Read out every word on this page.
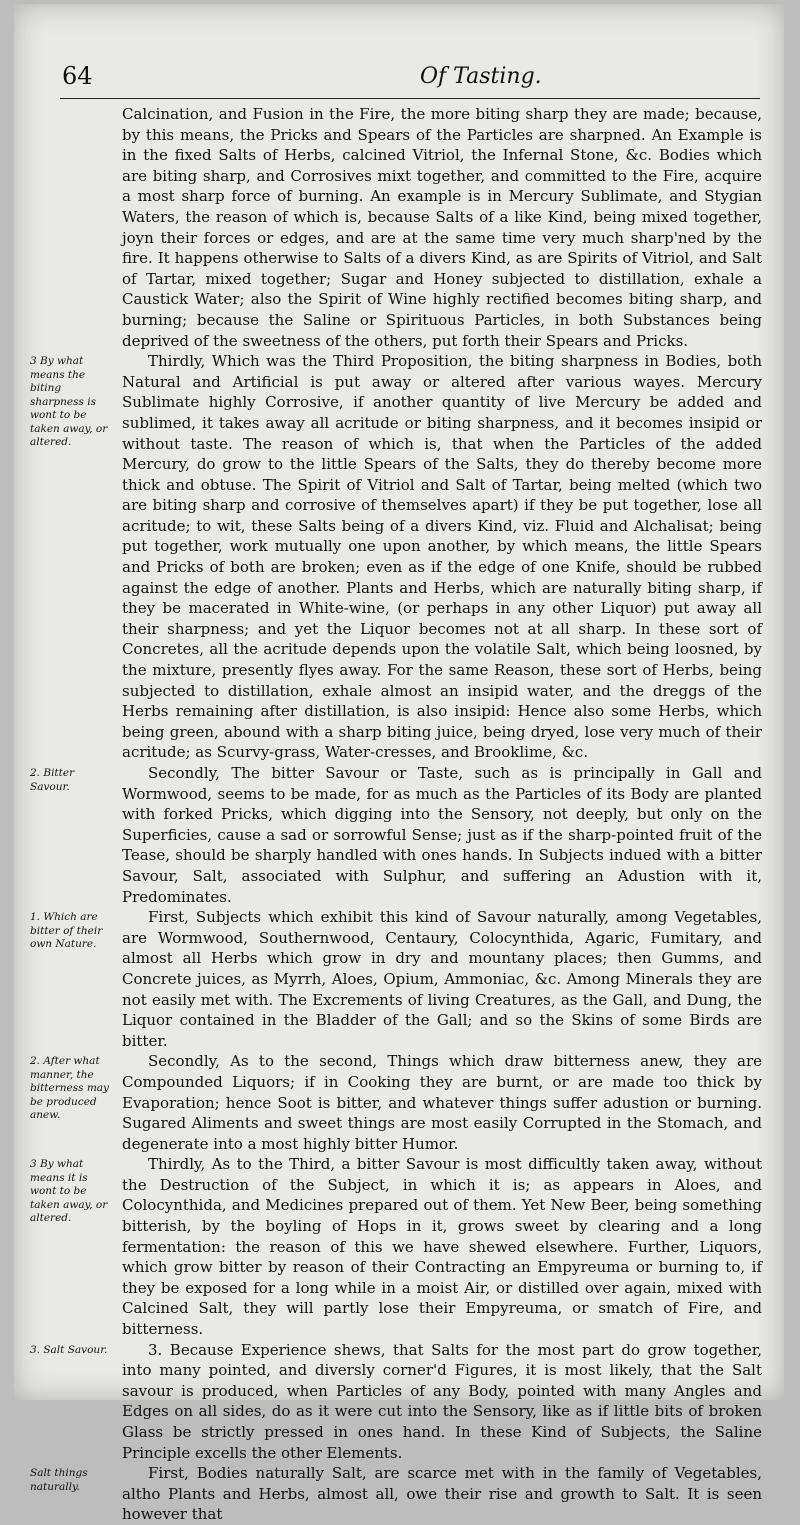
64	Of Tasting.

Calcination, and Fusion in the Fire, the more biting sharp they are made; because, by this means, the Pricks and Spears of the Particles are sharpned. An Example is in the fixed Salts of Herbs, calcined Vitriol, the Infernal Stone, &c. Bodies which are biting sharp, and Corrosives mixt together, and committed to the Fire, acquire a most sharp force of burning. An example is in Mercury Sublimate, and Stygian Waters, the reason of which is, because Salts of a like Kind, being mixed together, joyn their forces or edges, and are at the same time very much sharp'ned by the fire. It happens otherwise to Salts of a divers Kind, as are Spirits of Vitriol, and Salt of Tartar, mixed together; Sugar and Honey subjected to distillation, exhale a Caustick Water; also the Spirit of Wine highly rectified becomes biting sharp, and burning; because the Saline or Spirituous Particles, in both Substances being deprived of the sweetness of the others, put forth their Spears and Pricks.

3 By what means the biting sharpness is wont to be taken away, or altered.

Thirdly, Which was the Third Proposition, the biting sharpness in Bodies, both Natural and Artificial is put away or altered after various wayes. Mercury Sublimate highly Corrosive, if another quantity of live Mercury be added and sublimed, it takes away all acritude or biting sharpness, and it becomes insipid or without taste. The reason of which is, that when the Particles of the added Mercury, do grow to the little Spears of the Salts, they do thereby become more thick and obtuse. The Spirit of Vitriol and Salt of Tartar, being melted (which two are biting sharp and corrosive of themselves apart) if they be put together, lose all acritude; to wit, these Salts being of a divers Kind, viz. Fluid and Alchalisat; being put together, work mutually one upon another, by which means, the little Spears and Pricks of both are broken; even as if the edge of one Knife, should be rubbed against the edge of another. Plants and Herbs, which are naturally biting sharp, if they be macerated in White-wine, (or perhaps in any other Liquor) put away all their sharpness; and yet the Liquor becomes not at all sharp. In these sort of Concretes, all the acritude depends upon the volatile Salt, which being loosned, by the mixture, presently flyes away. For the same Reason, these sort of Herbs, being subjected to distillation, exhale almost an insipid water, and the dreggs of the Herbs remaining after distillation, is also insipid: Hence also some Herbs, which being green, abound with a sharp biting juice, being dryed, lose very much of their acritude; as Scurvy-grass, Water-cresses, and Brooklime, &c.

2. Bitter Savour.

Secondly, The bitter Savour or Taste, such as is principally in Gall and Wormwood, seems to be made, for as much as the Particles of its Body are planted with forked Pricks, which digging into the Sensory, not deeply, but only on the Superficies, cause a sad or sorrowful Sense; just as if the sharp-pointed fruit of the Tease, should be sharply handled with ones hands. In Subjects indued with a bitter Savour, Salt, associated with Sulphur, and suffering an Adustion with it, Predominates.

1. Which are bitter of their own Nature.

First, Subjects which exhibit this kind of Savour naturally, among Vegetables, are Wormwood, Southernwood, Centaury, Colocynthida, Agaric, Fumitary, and almost all Herbs which grow in dry and mountany places; then Gumms, and Concrete juices, as Myrrh, Aloes, Opium, Ammoniac, &c. Among Minerals they are not easily met with. The Excrements of living Creatures, as the Gall, and Dung, the Liquor contained in the Bladder of the Gall; and so the Skins of some Birds are bitter.

2. After what manner, the bitterness may be produced anew.

Secondly, As to the second, Things which draw bitterness anew, they are Compounded Liquors; if in Cooking they are burnt, or are made too thick by Evaporation; hence Soot is bitter, and whatever things suffer adustion or burning. Sugared Aliments and sweet things are most easily Corrupted in the Stomach, and degenerate into a most highly bitter Humor.

3 By what means it is wont to be taken away, or altered.

Thirdly, As to the Third, a bitter Savour is most difficultly taken away, without the Destruction of the Subject, in which it is; as appears in Aloes, and Colocynthida, and Medicines prepared out of them. Yet New Beer, being something bitterish, by the boyling of Hops in it, grows sweet by clearing and a long fermentation: the reason of this we have shewed elsewhere. Further, Liquors, which grow bitter by reason of their Contracting an Empyreuma or burning to, if they be exposed for a long while in a moist Air, or distilled over again, mixed with Calcined Salt, they will partly lose their Empyreuma, or smatch of Fire, and bitterness.

3. Salt Savour.	3. Because Experience shews, that Salts for the most part do grow together, into many pointed, and diversly corner'd Figures, it is most likely, that the Salt savour is produced, when Particles of any Body, pointed with many Angles and Edges on all sides, do as it were cut into the Sensory, like as if little bits of broken Glass be strictly pressed in ones hand. In these Kind of Subjects, the Saline Principle excells the other Elements.

Salt things naturally.

First, Bodies naturally Salt, are scarce met with in the family of Vegetables, altho Plants and Herbs, almost all, owe their rise and growth to Salt. It is seen however that
